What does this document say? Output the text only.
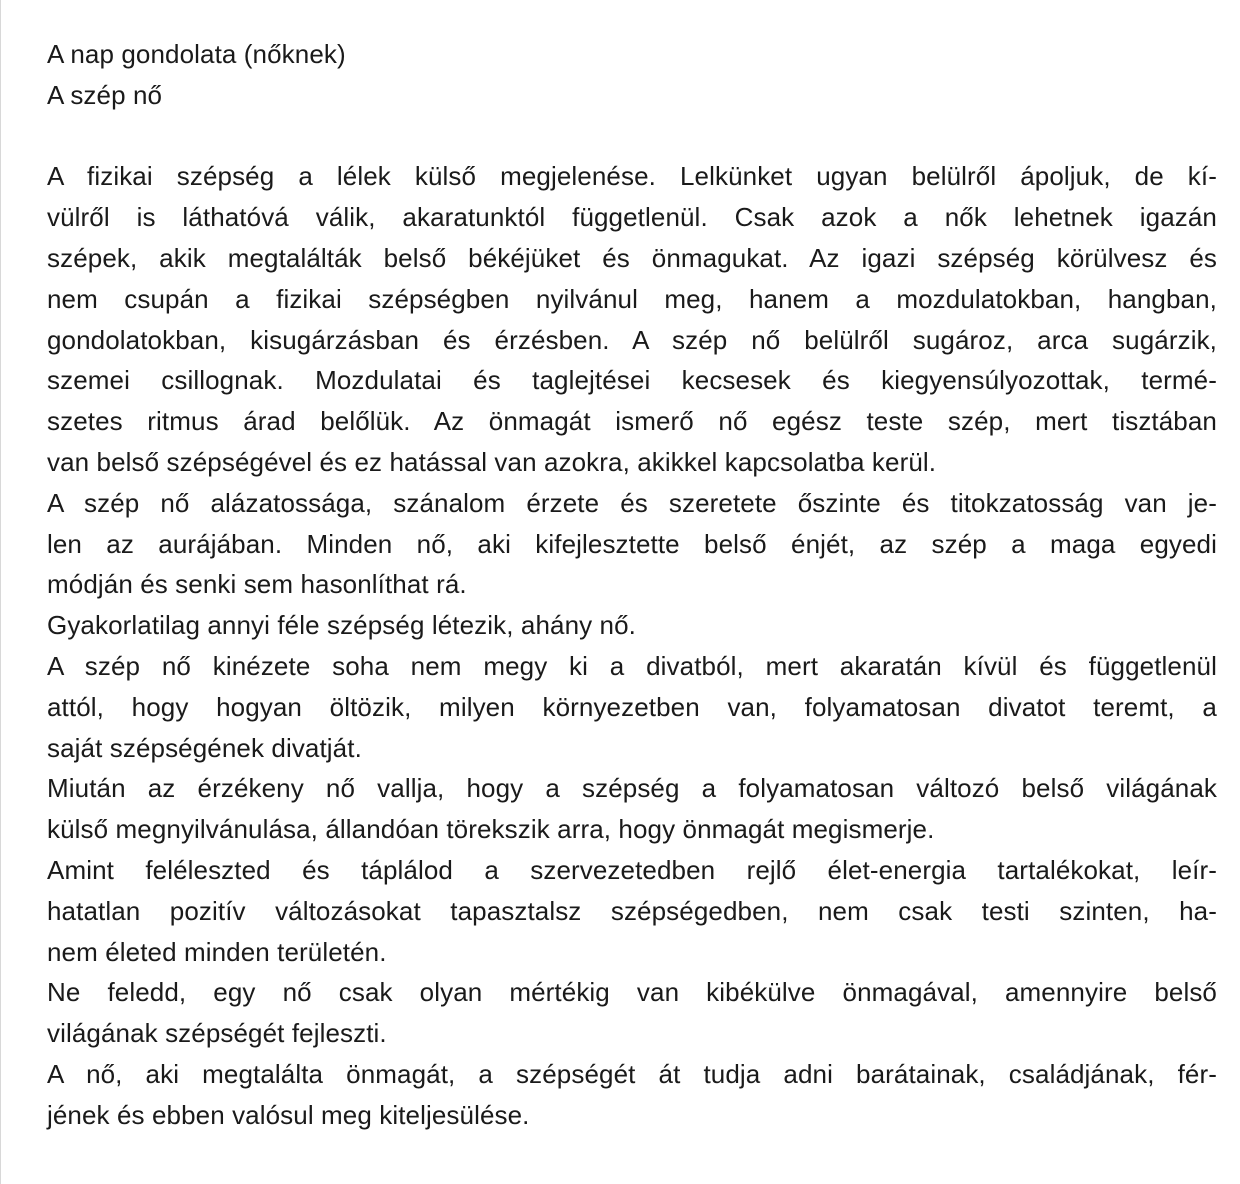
A nap gondolata (nőknek)
A szép nő
A fizikai szépség a lélek külső megjelenése. Lelkünket ugyan belülről ápoljuk, de kí-
vülről is láthatóvá válik, akaratunktól függetlenül. Csak azok a nők lehetnek igazán
szépek, akik megtalálták belső békéjüket és önmagukat. Az igazi szépség körülvesz és
nem csupán a fizikai szépségben nyilvánul meg, hanem a mozdulatokban, hangban,
gondolatokban, kisugárzásban és érzésben. A szép nő belülről sugároz, arca sugárzik,
szemei csillognak. Mozdulatai és taglejtései kecsesek és kiegyensúlyozottak, termé-
szetes ritmus árad belőlük. Az önmagát ismerő nő egész teste szép, mert tisztában
van belső szépségével és ez hatással van azokra, akikkel kapcsolatba kerül.
A szép nő alázatossága, szánalom érzete és szeretete őszinte és titokzatosság van je-
len az aurájában. Minden nő, aki kifejlesztette belső énjét, az szép a maga egyedi
módján és senki sem hasonlíthat rá.
Gyakorlatilag annyi féle szépség létezik, ahány nő.
A szép nő kinézete soha nem megy ki a divatból, mert akaratán kívül és függetlenül
attól, hogy hogyan öltözik, milyen környezetben van, folyamatosan divatot teremt, a
saját szépségének divatját.
Miután az érzékeny nő vallja, hogy a szépség a folyamatosan változó belső világának
külső megnyilvánulása, állandóan törekszik arra, hogy önmagát megismerje.
Amint feléleszted és táplálod a szervezetedben rejlő élet-energia tartalékokat, leír-
hatatlan pozitív változásokat tapasztalsz szépségedben, nem csak testi szinten, ha-
nem életed minden területén.
Ne feledd, egy nő csak olyan mértékig van kibékülve önmagával, amennyire belső
világának szépségét fejleszti.
A nő, aki megtalálta önmagát, a szépségét át tudja adni barátainak, családjának, fér-
jének és ebben valósul meg kiteljesülése.
